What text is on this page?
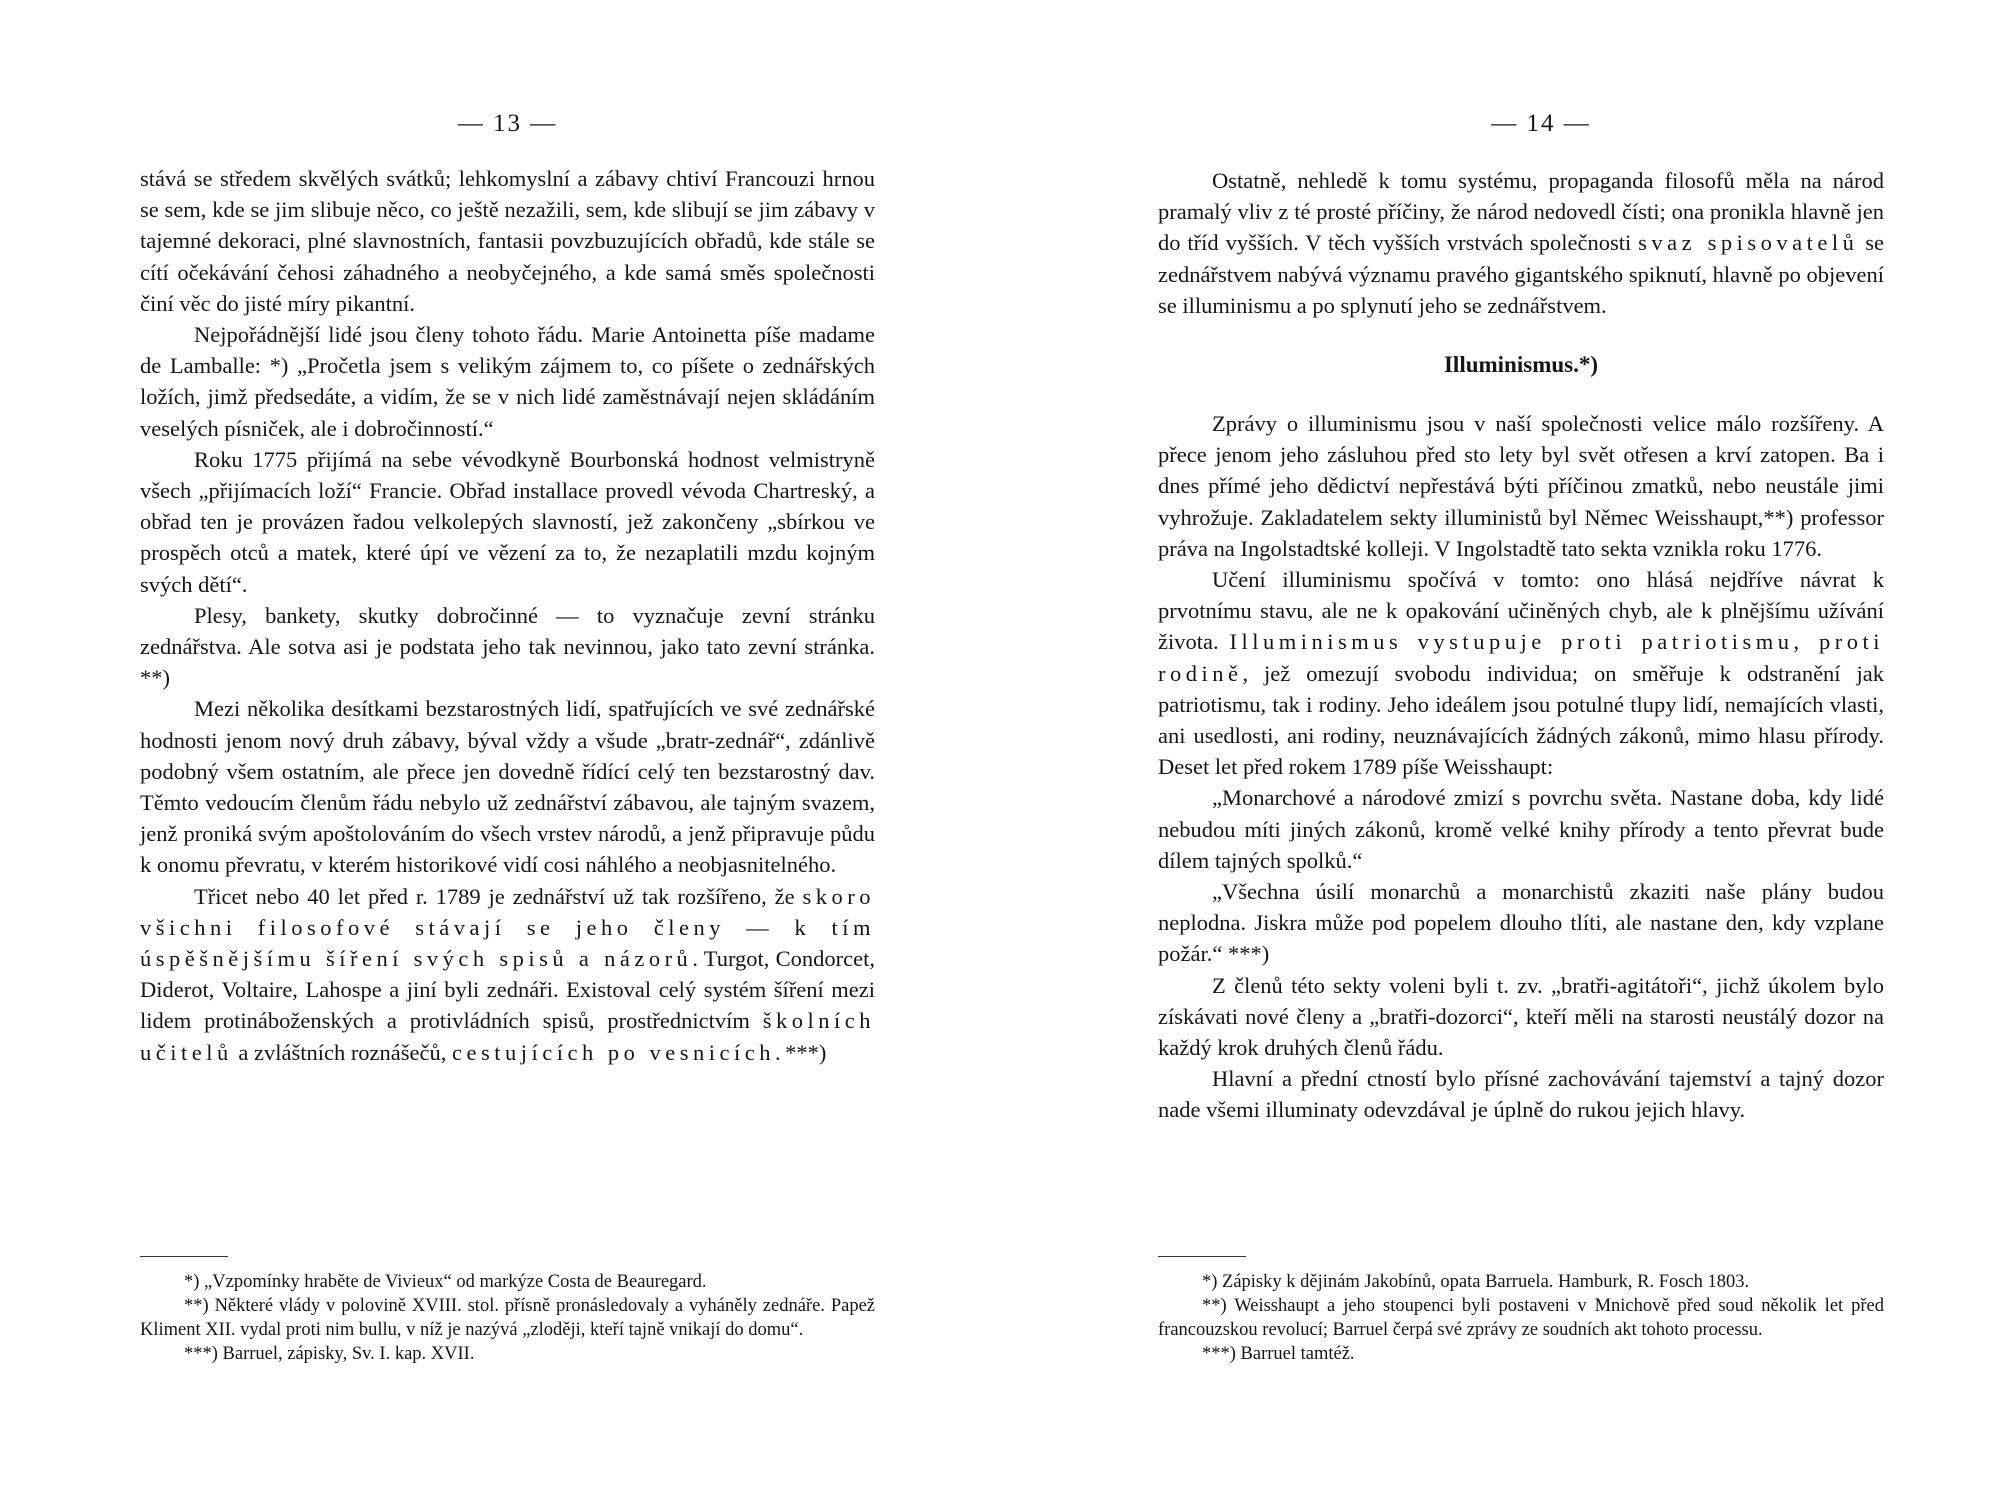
— 13 —

stává se středem skvělých svátků; lehkomyslní a zábavy chtiví Francouzi hrnou se sem, kde se jim slibuje něco, co ještě nezažili, sem, kde slibují se jim zábavy v tajemné dekoraci, plné slavnostních, fantasii povzbuzujících obřadů, kde stále se cítí očekávání čehosi záhadného a neobyčejného, a kde samá směs společnosti činí věc do jisté míry pikantní.

Nejpořádnější lidé jsou členy tohoto řádu. Marie Antoinetta píše madame de Lamballe: *) „Pročetla jsem s velikým zájmem to, co píšete o zednářských ložích, jimž předsedáte, a vidím, že se v nich lidé zaměstnávají nejen skládáním veselých písniček, ale i dobročinností.“

Roku 1775 přijímá na sebe vévodkyně Bourbonská hodnost velmistryně všech „přijímacích loží“ Francie. Obřad installace provedl vévoda Chartreský, a obřad ten je provázen řadou velkolepých slavností, jež zakončeny „sbírkou ve prospěch otců a matek, které úpí ve vězení za to, že nezaplatili mzdu kojným svých dětí“.

Plesy, bankety, skutky dobročinné — to vyznačuje zevní stránku zednářstva. Ale sotva asi je podstata jeho tak nevinnou, jako tato zevní stránka. **)

Mezi několika desítkami bezstarostných lidí, spatřujících ve své zednářské hodnosti jenom nový druh zábavy, býval vždy a všude „bratr-zednář“, zdánlivě podobný všem ostatním, ale přece jen dovedně řídící celý ten bezstarostný dav. Těmto vedoucím členům řádu nebylo už zednářství zábavou, ale tajným svazem, jenž proniká svým apoštolováním do všech vrstev národů, a jenž připravuje půdu k onomu převratu, v kterém historikové vidí cosi náhlého a neobjasnitelného.

Třicet nebo 40 let před r. 1789 je zednářství už tak rozšířeno, že skoro všichni filosofové stávají se jeho členy — k tím úspěšnějšímu šíření svých spisů a názorů. Turgot, Condorcet, Diderot, Voltaire, Lahospe a jiní byli zednáři. Existoval celý systém šíření mezi lidem protináboženských a protivládních spisů, prostřednictvím školních učitelů a zvláštních roznášečů, cestujících po vesnicích.***)

*) „Vzpomínky hraběte de Vivieux“ od markýze Costa de Beauregard.

**) Některé vlády v polovině XVIII. stol. přísně pronásledovaly a vyháněly zednáře. Papež Kliment XII. vydal proti nim bullu, v níž je nazývá „zloději, kteří tajně vnikají do domu“.

***) Barruel, zápisky, Sv. I. kap. XVII.

— 14 —

Ostatně, nehledě k tomu systému, propaganda filosofů měla na národ pramalý vliv z té prosté příčiny, že národ nedovedl čísti; ona pronikla hlavně jen do tříd vyšších. V těch vyšších vrstvách společnosti svaz spisovatelů se zednářstvem nabývá významu pravého gigantského spiknutí, hlavně po objevení se illuminismu a po splynutí jeho se zednářstvem.

Illuminismus.*)

Zprávy o illuminismu jsou v naší společnosti velice málo rozšířeny. A přece jenom jeho zásluhou před sto lety byl svět otřesen a krví zatopen. Ba i dnes přímé jeho dědictví nepřestává býti příčinou zmatků, nebo neustále jimi vyhrožuje. Zakladatelem sekty illuministů byl Němec Weisshaupt,**) professor práva na Ingolstadtské kolleji. V Ingolstadtě tato sekta vznikla roku 1776.

Učení illuminismu spočívá v tomto: ono hlásá nejdříve návrat k prvotnímu stavu, ale ne k opakování učiněných chyb, ale k plnějšímu užívání života. Illuminismus vystupuje proti patriotismu, proti rodině, jež omezují svobodu individua; on směřuje k odstranění jak patriotismu, tak i rodiny. Jeho ideálem jsou potulné tlupy lidí, nemajících vlasti, ani usedlosti, ani rodiny, neuznávajících žádných zákonů, mimo hlasu přírody. Deset let před rokem 1789 píše Weisshaupt:

„Monarchové a národové zmizí s povrchu světa. Nastane doba, kdy lidé nebudou míti jiných zákonů, kromě velké knihy přírody a tento převrat bude dílem tajných spolků.“

„Všechna úsilí monarchů a monarchistů zkaziti naše plány budou neplodna. Jiskra může pod popelem dlouho tlíti, ale nastane den, kdy vzplane požár.“ ***)

Z členů této sekty voleni byli t. zv. „bratři-agitátoři“, jichž úkolem bylo získávati nové členy a „bratři-dozorci“, kteří měli na starosti neustálý dozor na každý krok druhých členů řádu.

Hlavní a přední ctností bylo přísné zachovávání tajemství a tajný dozor nade všemi illuminaty odevzdával je úplně do rukou jejich hlavy.

*) Zápisky k dějinám Jakobínů, opata Barruela. Hamburk, R. Fosch 1803.

**) Weisshaupt a jeho stoupenci byli postaveni v Mnichově před soud několik let před francouzskou revolucí; Barruel čerpá své zprávy ze soudních akt tohoto processu.

***) Barruel tamtéž.
